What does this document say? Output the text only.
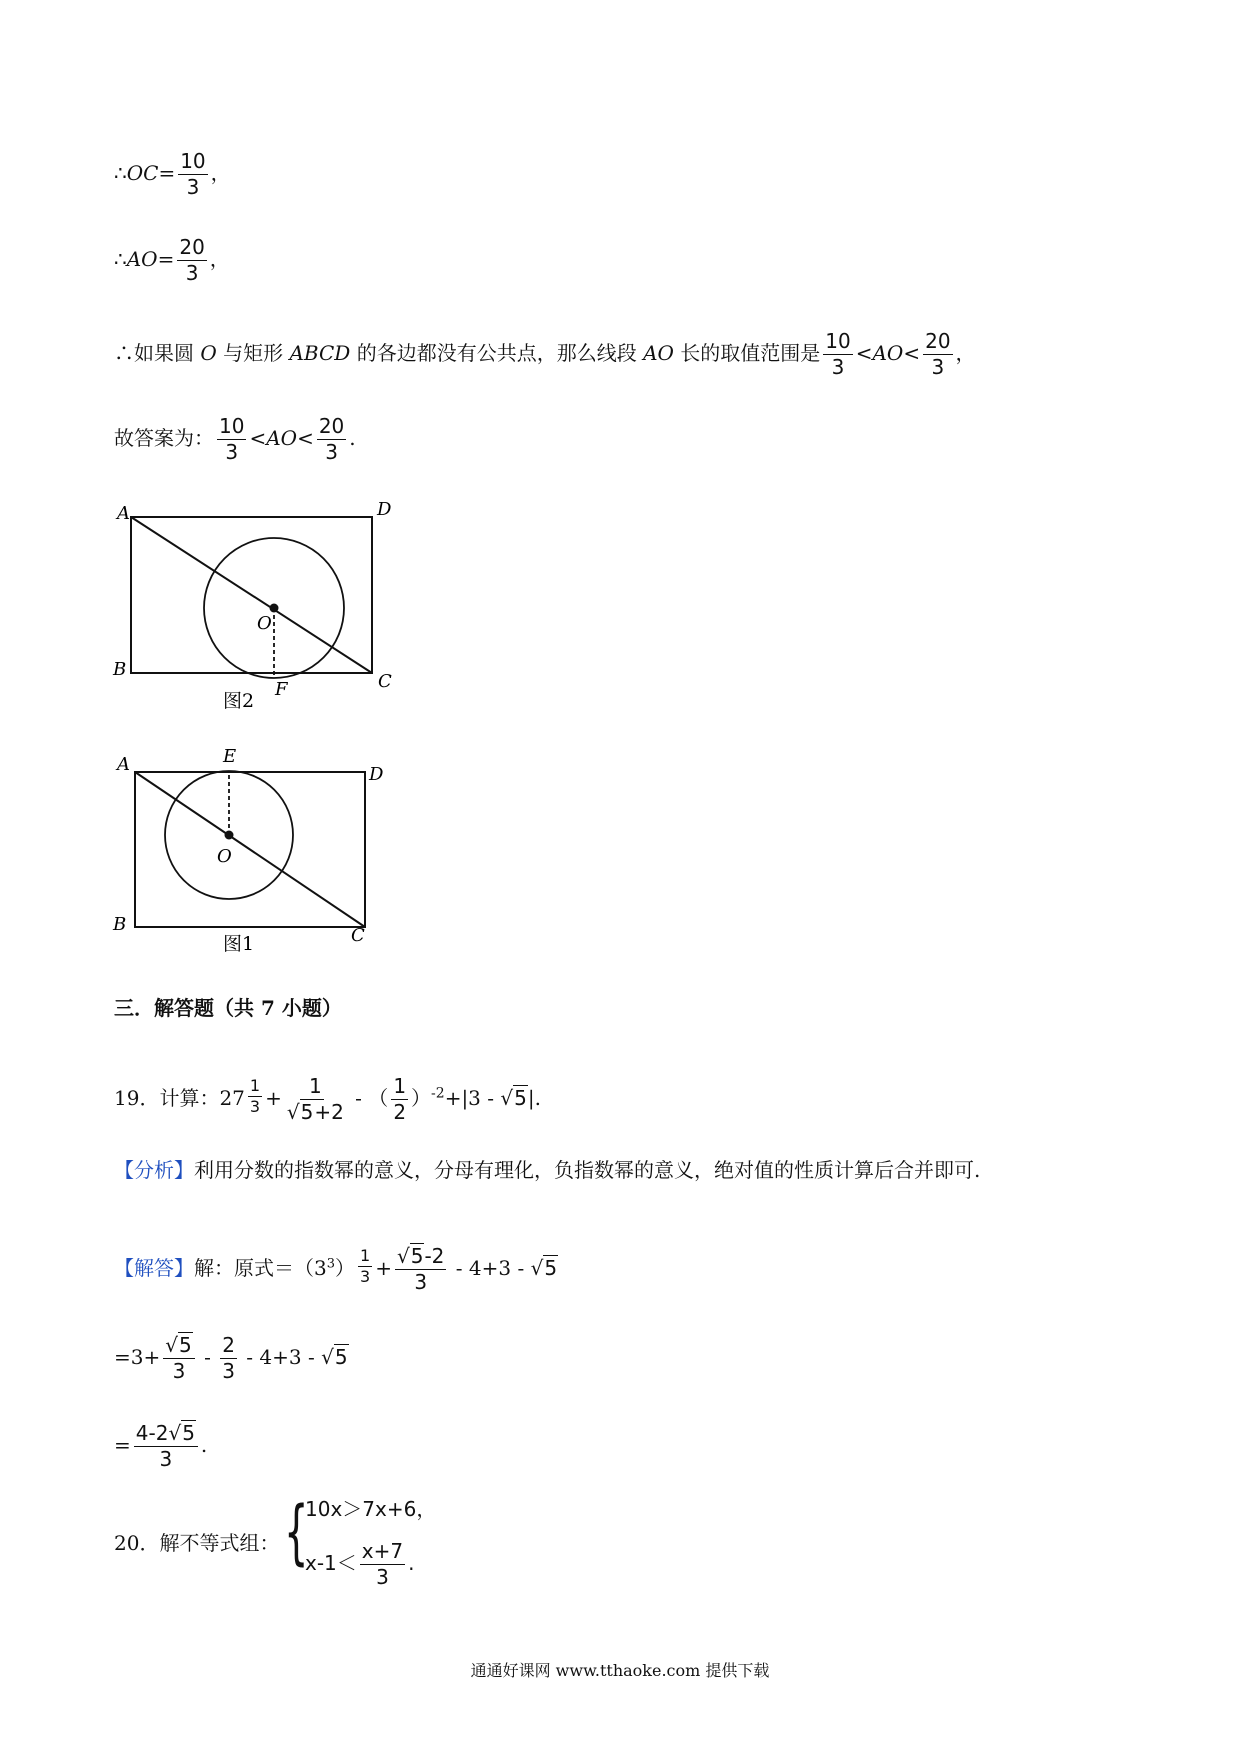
∴OC= $\frac{10}{3}$ ，
∴AO= $\frac{20}{3}$ ，
∴如果圆 O 与矩形 ABCD 的各边都没有公共点，那么线段 AO 长的取值范围是 $\frac{10}{3} <AO< \frac{20}{3}$ ，
故答案为： $\frac{10}{3} <AO< \frac{20}{3}$ .
A	D
B
C
O
F
图2
A	D
B
C
O
E
图1
三．解答题（共 7 小题）
19．计算：$27 \frac{1}{3} + \frac{1}{√5+2}$ - （ $\frac{1}{2} )^{-2}+|3 - √5|$.
【分析】利用分数的指数幂的意义，分母有理化，负指数幂的意义，绝对值的性质计算后合并即可.
【解答】解：原式$=(3^3) \frac{1}{3} + \frac{√5-2}{3} - 4+3 - √5$
$=3+ \frac{√5}{3} - \frac{2}{3} - 4+3 - √5$
= $\frac{4-2√5}{3}$ .
20．解不等式组： {
10x＞7x+6，
$x-1< \frac{x+7}{3}$ .
通通好课网 www.tthaoke.com 提供下载
